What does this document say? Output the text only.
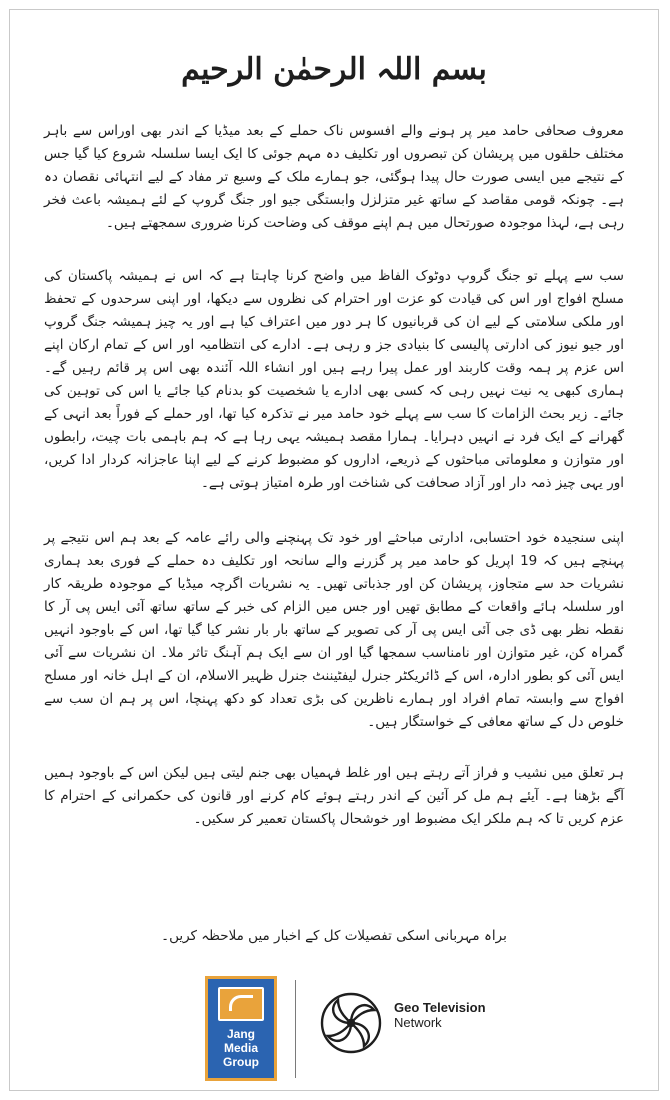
بسم اللہ الرحمٰن الرحیم

معروف صحافی حامد میر پر ہونے والے افسوس ناک حملے کے بعد میڈیا کے اندر بھی اوراس سے باہر مختلف حلقوں میں پریشان کن تبصروں اور تکلیف دہ مہم جوئی کا ایک ایسا سلسلہ شروع کیا گیا جس کے نتیجے میں ایسی صورت حال پیدا ہوگئی، جو ہمارے ملک کے وسیع تر مفاد کے لیے انتہائی نقصان دہ ہے۔ چونکہ قومی مقاصد کے ساتھ غیر متزلزل وابستگی جیو اور جنگ گروپ کے لئے ہمیشہ باعث فخر رہی ہے، لہذا موجودہ صورتحال میں ہم اپنے موقف کی وضاحت کرنا ضروری سمجھتے ہیں۔

سب سے پہلے تو جنگ گروپ دوٹوک الفاظ میں واضح کرنا چاہتا ہے کہ اس نے ہمیشہ پاکستان کی مسلح افواج اور اس کی قیادت کو عزت اور احترام کی نظروں سے دیکھا، اور اپنی سرحدوں کے تحفظ اور ملکی سلامتی کے لیے ان کی قربانیوں کا ہر دور میں اعتراف کیا ہے اور یہ چیز ہمیشہ جنگ گروپ اور جیو نیوز کی ادارتی پالیسی کا بنیادی جز و رہی ہے۔ ادارے کی انتظامیہ اور اس کے تمام ارکان اپنے اس عزم پر ہمہ وقت کاربند اور عمل پیرا رہے ہیں اور انشاء اللہ آئندہ بھی اس پر قائم رہیں گے۔ ہماری کبھی یہ نیت نہیں رہی کہ کسی بھی ادارے یا شخصیت کو بدنام کیا جائے یا اس کی توہین کی جائے۔ زیر بحث الزامات کا سب سے پہلے خود حامد میر نے تذکرہ کیا تھا، اور حملے کے فوراً بعد انہی کے گھرانے کے ایک فرد نے انہیں دہرایا۔ ہمارا مقصد ہمیشہ یہی رہا ہے کہ ہم باہمی بات چیت، رابطوں اور متوازن و معلوماتی مباحثوں کے ذریعے، اداروں کو مضبوط کرنے کے لیے اپنا عاجزانہ کردار ادا کریں، اور یہی چیز ذمہ دار اور آزاد صحافت کی شناخت اور طرہ امتیاز ہوتی ہے۔

اپنی سنجیدہ خود احتسابی، ادارتی مباحثے اور خود تک پہنچنے والی رائے عامہ کے بعد ہم اس نتیجے پر پہنچے ہیں کہ 19 اپریل کو حامد میر پر گزرنے والے سانحہ اور تکلیف دہ حملے کے فوری بعد ہماری نشریات حد سے متجاوز، پریشان کن اور جذباتی تھیں۔ یہ نشریات اگرچہ میڈیا کے موجودہ طریقہ کار اور سلسلہ ہائے واقعات کے مطابق تھیں اور جس میں الزام کی خبر کے ساتھ ساتھ آئی ایس پی آر کا نقطہ نظر بھی ڈی جی آئی ایس پی آر کی تصویر کے ساتھ بار بار نشر کیا گیا تھا، اس کے باوجود انہیں گمراہ کن، غیر متوازن اور نامناسب سمجھا گیا اور ان سے ایک ہم آہنگ تاثر ملا۔ ان نشریات سے آئی ایس آئی کو بطور ادارہ، اس کے ڈائریکٹر جنرل لیفٹیننٹ جنرل ظہیر الاسلام، ان کے اہل خانہ اور مسلح افواج سے وابستہ تمام افراد اور ہمارے ناظرین کی بڑی تعداد کو دکھ پہنچا، اس پر ہم ان سب سے خلوص دل کے ساتھ معافی کے خواستگار ہیں۔

ہر تعلق میں نشیب و فراز آتے رہتے ہیں اور غلط فہمیاں بھی جنم لیتی ہیں لیکن اس کے باوجود ہمیں آگے بڑھنا ہے۔ آیئے ہم مل کر آئین کے اندر رہتے ہوئے کام کرنے اور قانون کی حکمرانی کے احترام کا عزم کریں تا کہ ہم ملکر ایک مضبوط اور خوشحال پاکستان تعمیر کر سکیں۔

براہ مہربانی اسکی تفصیلات کل کے اخبار میں ملاحظہ کریں۔
Jang
Media
Group
Geo Television
Network
